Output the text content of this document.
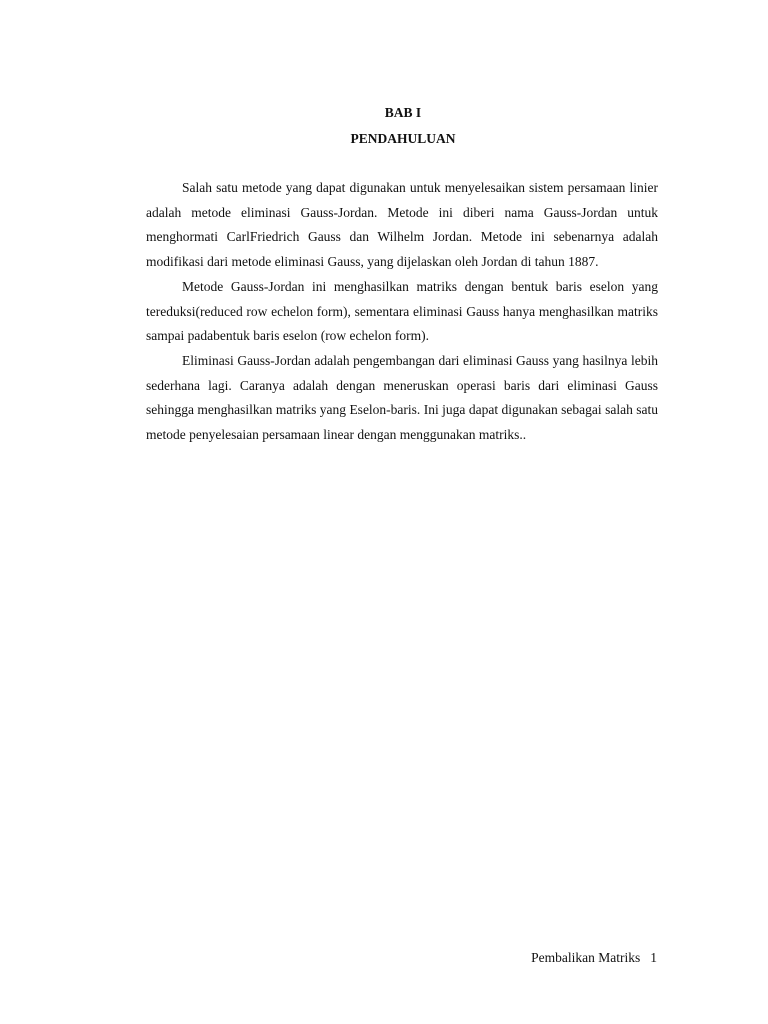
BAB I
PENDAHULUAN

Salah satu metode yang dapat digunakan untuk menyelesaikan sistem persamaan linier adalah metode eliminasi Gauss-Jordan. Metode ini diberi nama Gauss-Jordan untuk menghormati CarlFriedrich Gauss dan Wilhelm Jordan. Metode ini sebenarnya adalah modifikasi dari metode eliminasi Gauss, yang dijelaskan oleh Jordan di tahun 1887.

Metode Gauss-Jordan ini menghasilkan matriks dengan bentuk baris eselon yang tereduksi(reduced row echelon form), sementara eliminasi Gauss hanya menghasilkan matriks sampai padabentuk baris eselon (row echelon form).

Eliminasi Gauss-Jordan adalah pengembangan dari eliminasi Gauss yang hasilnya lebih sederhana lagi. Caranya adalah dengan meneruskan operasi baris dari eliminasi Gauss sehingga menghasilkan matriks yang Eselon-baris. Ini juga dapat digunakan sebagai salah satu metode penyelesaian persamaan linear dengan menggunakan matriks..

Pembalikan Matriks 1
